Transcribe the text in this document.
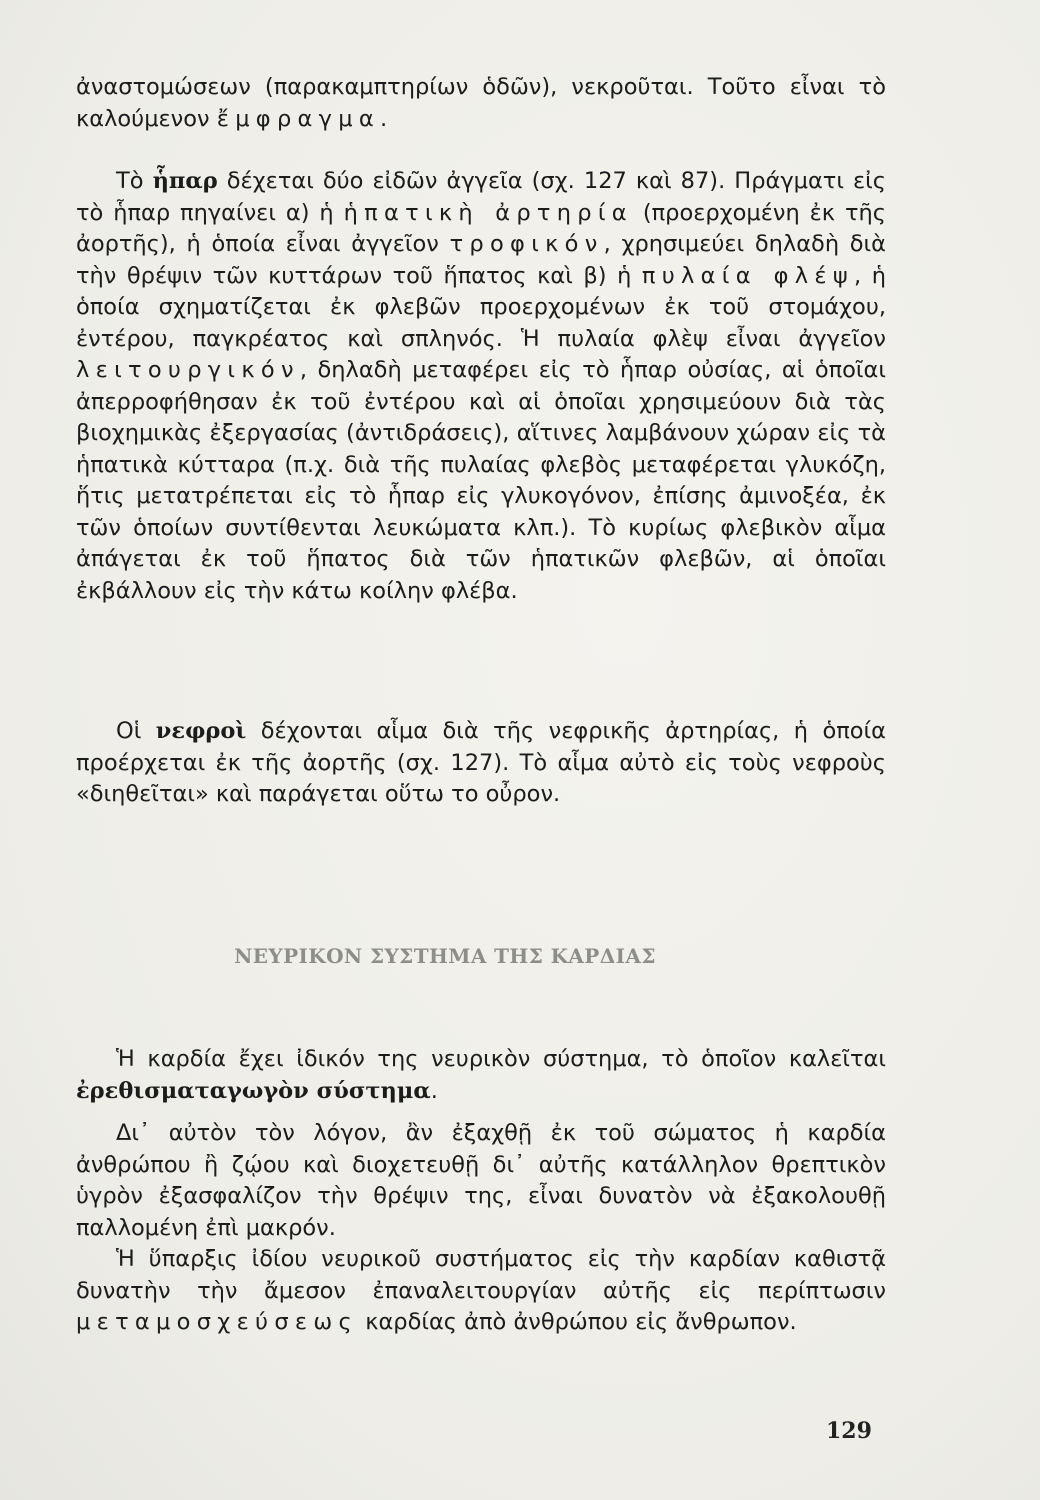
ἀναστομώσεων (παρακαμπτηρίων ὁδῶν), νεκροῦται. Τοῦτο εἶναι τὸ καλούμενον ἔμφραγμα.

Τὸ ἧπαρ δέχεται δύο εἰδῶν ἀγγεῖα (σχ. 127 καὶ 87). Πράγματι εἰς τὸ ἧπαρ πηγαίνει α) ἡ ἡπατικὴ ἀρτηρία (προερχομένη ἐκ τῆς ἀορτῆς), ἡ ὁποία εἶναι ἀγγεῖον τροφικόν, χρησιμεύει δηλαδὴ διὰ τὴν θρέψιν τῶν κυττάρων τοῦ ἥπατος καὶ β) ἡ πυλαία φλέψ, ἡ ὁποία σχηματίζεται ἐκ φλεβῶν προερχομένων ἐκ τοῦ στομάχου, ἐντέρου, παγκρέατος καὶ σπληνός. Ἡ πυλαία φλὲψ εἶναι ἀγγεῖον λειτουργικόν, δηλαδὴ μεταφέρει εἰς τὸ ἧπαρ οὐσίας, αἱ ὁποῖαι ἀπερροφήθησαν ἐκ τοῦ ἐντέρου καὶ αἱ ὁποῖαι χρησιμεύουν διὰ τὰς βιοχημικὰς ἐξεργασίας (ἀντιδράσεις), αἵτινες λαμβάνουν χώραν εἰς τὰ ἡπατικὰ κύτταρα (π.χ. διὰ τῆς πυλαίας φλεβὸς μεταφέρεται γλυκόζη, ἥτις μετατρέπεται εἰς τὸ ἧπαρ εἰς γλυκογόνον, ἐπίσης ἀμινοξέα, ἐκ τῶν ὁποίων συντίθενται λευκώματα κλπ.). Τὸ κυρίως φλεβικὸν αἷμα ἀπάγεται ἐκ τοῦ ἥπατος διὰ τῶν ἡπατικῶν φλεβῶν, αἱ ὁποῖαι ἐκβάλλουν εἰς τὴν κάτω κοίλην φλέβα.

Οἱ νεφροὶ δέχονται αἷμα διὰ τῆς νεφρικῆς ἀρτηρίας, ἡ ὁποία προέρχεται ἐκ τῆς ἀορτῆς (σχ. 127). Τὸ αἷμα αὐτὸ εἰς τοὺς νεφροὺς «διηθεῖται» καὶ παράγεται οὕτω το οὖρον.

ΝΕΥΡΙΚΟΝ ΣΥΣΤΗΜΑ ΤΗΣ ΚΑΡΔΙΑΣ

Ἡ καρδία ἔχει ἰδικόν της νευρικὸν σύστημα, τὸ ὁποῖον καλεῖται ἐρεθισματαγωγὸν σύστημα.

Δι᾽ αὐτὸν τὸν λόγον, ἂν ἐξαχθῇ ἐκ τοῦ σώματος ἡ καρδία ἀνθρώπου ἢ ζῴου καὶ διοχετευθῇ δι᾽ αὐτῆς κατάλληλον θρεπτικὸν ὑγρὸν ἐξασφαλίζον τὴν θρέψιν της, εἶναι δυνατὸν νὰ ἐξακολουθῇ παλλομένη ἐπὶ μακρόν.

Ἡ ὕπαρξις ἰδίου νευρικοῦ συστήματος εἰς τὴν καρδίαν καθιστᾷ δυνατὴν τὴν ἄμεσον ἐπαναλειτουργίαν αὐτῆς εἰς περίπτωσιν μεταμοσχεύσεως καρδίας ἀπὸ ἀνθρώπου εἰς ἄνθρωπον.

129
